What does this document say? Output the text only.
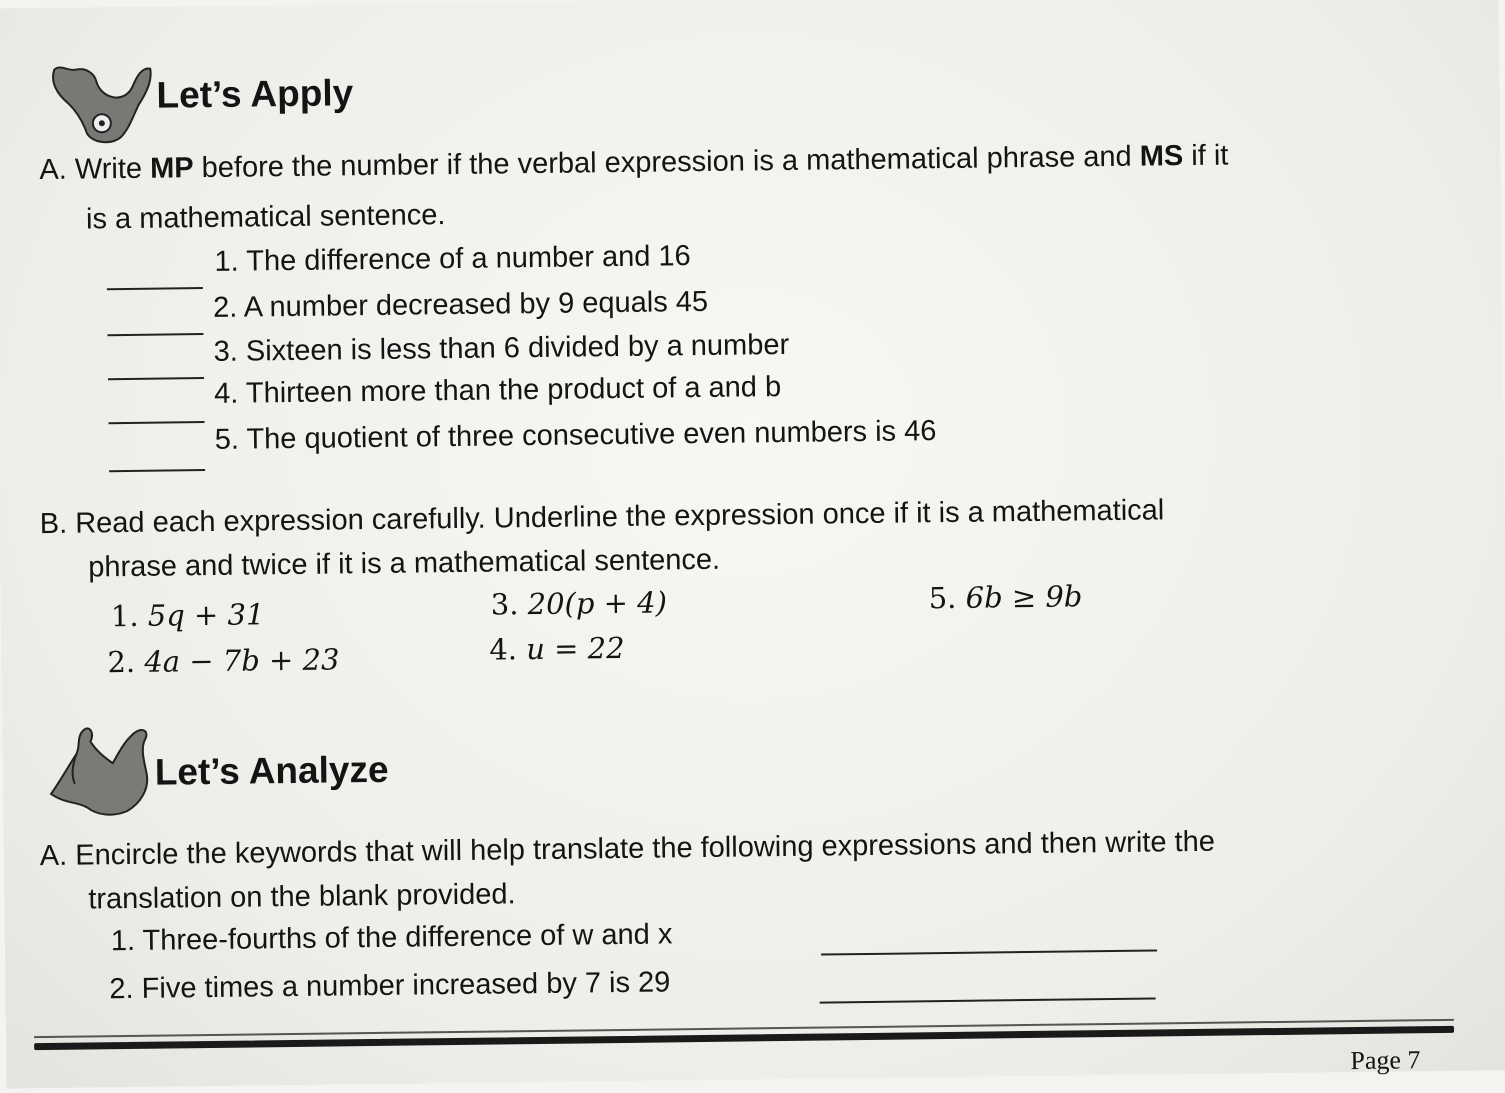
Let’s Apply
A. Write MP before the number if the verbal expression is a mathematical phrase and MS if it
is a mathematical sentence.
1. The difference of a number and 16
2. A number decreased by 9 equals 45
3. Sixteen is less than 6 divided by a number
4. Thirteen more than the product of a and b
5. The quotient of three consecutive even numbers is 46
B. Read each expression carefully. Underline the expression once if it is a mathematical
phrase and twice if it is a mathematical sentence.
1. 5q + 31
2. 4a − 7b + 23
3. 20(p + 4)
4. u = 22
5. 6b ≥ 9b
Let’s Analyze
A. Encircle the keywords that will help translate the following expressions and then write the
translation on the blank provided.
1. Three-fourths of the difference of w and x
2. Five times a number increased by 7 is 29
Page 7
